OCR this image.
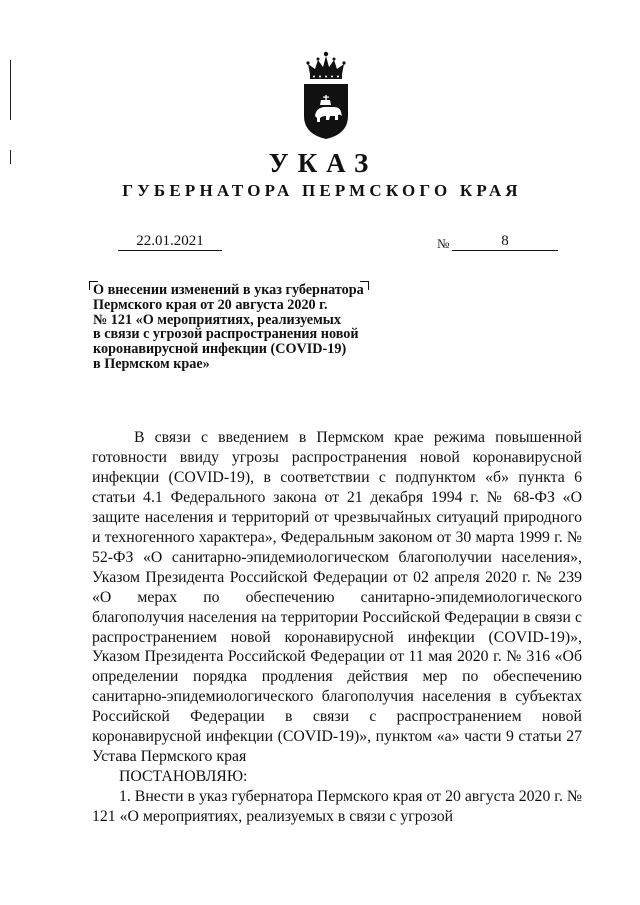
УКАЗ
ГУБЕРНАТОРА ПЕРМСКОГО КРАЯ
22.01.2021	№	8
О внесении изменений в указ губернатора
Пермского края от 20 августа 2020 г.
№ 121 «О мероприятиях, реализуемых
в связи с угрозой распространения новой
коронавирусной инфекции (COVID-19)
в Пермском крае»

В связи с введением в Пермском крае режима повышенной готовности ввиду угрозы распространения новой коронавирусной инфекции (COVID-19), в соответствии с подпунктом «б» пункта 6 статьи 4.1 Федерального закона от 21 декабря 1994 г. № 68-ФЗ «О защите населения и территорий от чрезвычайных ситуаций природного и техногенного характера», Федеральным законом от 30 марта 1999 г. № 52-ФЗ «О санитарно-эпидемиологическом благополучии населения», Указом Президента Российской Федерации от 02 апреля 2020 г. № 239 «О мерах по обеспечению санитарно-эпидемиологического благополучия населения на территории Российской Федерации в связи с распространением новой коронавирусной инфекции (COVID-19)», Указом Президента Российской Федерации от 11 мая 2020 г. № 316 «Об определении порядка продления действия мер по обеспечению санитарно-эпидемиологического благополучия населения в субъектах Российской Федерации в связи с распространением новой коронавирусной инфекции (COVID-19)», пунктом «а» части 9 статьи 27 Устава Пермского края

ПОСТАНОВЛЯЮ:

1. Внести в указ губернатора Пермского края от 20 августа 2020 г. № 121 «О мероприятиях, реализуемых в связи с угрозой
